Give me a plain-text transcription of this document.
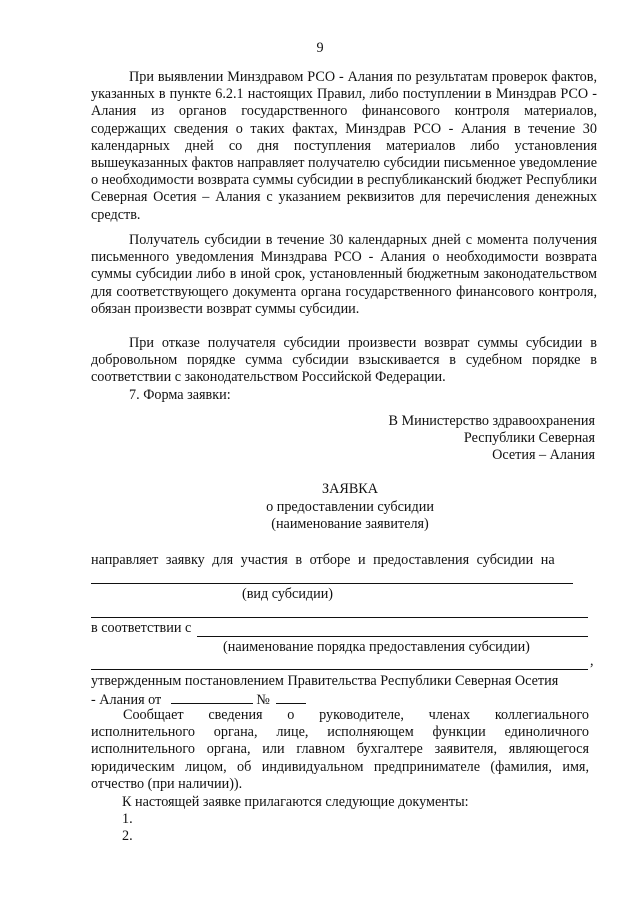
9

При выявлении Минздравом РСО - Алания по результатам проверок фактов, указанных в пункте 6.2.1 настоящих Правил, либо поступлении в Минздрав РСО - Алания из органов государственного финансового контроля материалов, содержащих сведения о таких фактах, Минздрав РСО - Алания в течение 30 календарных дней со дня поступления материалов либо установления вышеуказанных фактов направляет получателю субсидии письменное уведомление о необходимости возврата суммы субсидии в республиканский бюджет Республики Северная Осетия – Алания с указанием реквизитов для перечисления денежных средств.

Получатель субсидии в течение 30 календарных дней с момента получения письменного уведомления Минздрава РСО - Алания о необходимости возврата суммы субсидии либо в иной срок, установленный бюджетным законодательством для соответствующего документа органа государственного финансового контроля, обязан произвести возврат суммы субсидии.

При отказе получателя субсидии произвести возврат суммы субсидии в добровольном порядке сумма субсидии взыскивается в судебном порядке в соответствии с законодательством Российской Федерации.

7. Форма заявки:
В Министерство здравоохранения
Республики Северная
Осетия – Алания
ЗАЯВКА
о предоставлении субсидии
(наименование заявителя)
направляет заявку для участия в отборе и предоставления субсидии на
(вид субсидии)
в соответствии с
(наименование порядка предоставления субсидии)
,
утвержденным постановлением Правительства Республики Северная Осетия
- Алания от	№

Сообщает сведения о руководителе, членах коллегиального исполнительного органа, лице, исполняющем функции единоличного исполнительного органа, или главном бухгалтере заявителя, являющегося юридическим лицом, об индивидуальном предпринимателе (фамилия, имя, отчество (при наличии)).

К настоящей заявке прилагаются следующие документы:
1.
2.
